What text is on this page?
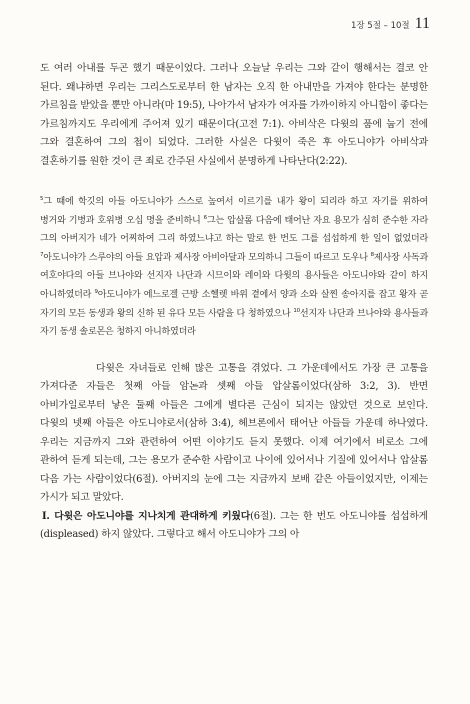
1장 5절 – 10절 11

도 여러 아내를 두곤 했기 때문이었다. 그러나 오늘날 우리는 그와 같이 행해서는 결코 안 된다. 왜냐하면 우리는 그리스도로부터 한 남자는 오직 한 아내만을 가져야 한다는 분명한 가르침을 받았을 뿐만 아니라(마 19:5), 나아가서 남자가 여자를 가까이하지 아니함이 좋다는 가르침까지도 우리에게 주어져 있기 때문이다(고전 7:1). 아비삭은 다윗의 품에 눕기 전에 그와 결혼하여 그의 첩이 되었다. 그러한 사실은 다윗이 죽은 후 아도니야가 아비삭과 결혼하기를 원한 것이 큰 죄로 간주된 사실에서 분명하게 나타난다(2:22).

$^5$그 때에 학깃의 아들 아도니야가 스스로 높여서 이르기를 내가 왕이 되리라 하고 자기를 위하여 병거와 기병과 호위병 오십 명을 준비하니 $^6$그는 압살롬 다음에 태어난 자요 용모가 심히 준수한 자라 그의 아버지가 네가 어찌하여 그리 하였느냐고 하는 말로 한 번도 그를 섭섭하게 한 일이 없었더라 $^7$아도니야가 스루야의 아들 요압과 제사장 아비아달과 모의하니 그들이 따르고 도우나 $^8$제사장 사독과 여호야다의 아들 브나야와 선지자 나단과 시므이와 레이와 다윗의 용사들은 아도니야와 같이 하지 아니하였더라 $^9$아도니야가 에느로겔 근방 소헬렛 바위 곁에서 양과 소와 살찐 송아지를 잡고 왕자 곧 자기의 모든 동생과 왕의 신하 된 유다 모든 사람을 다 청하였으나 $^{10}$선지자 나단과 브나야와 용사들과 자기 동생 솔로몬은 청하지 아니하였더라

다윗은 자녀들로 인해 많은 고통을 겪었다. 그 가운데에서도 가장 큰 고통을 가져다준 자들은 첫째 아들 암논과 셋째 아들 압살롬이었다(삼하 3:2, 3). 반면 아비가일로부터 낳은 둘째 아들은 그에게 별다른 근심이 되지는 않았던 것으로 보인다. 다윗의 넷째 아들은 아도니야로서(삼하 3:4), 헤브론에서 태어난 아들들 가운데 하나였다. 우리는 지금까지 그와 관련하여 어떤 이야기도 듣지 못했다. 이제 여기에서 비로소 그에 관하여 듣게 되는데, 그는 용모가 준수한 사람이고 나이에 있어서나 기질에 있어서나 압살롬 다음 가는 사람이었다(6절). 아버지의 눈에 그는 지금까지 보배 같은 아들이었지만, 이제는 가시가 되고 말았다.

I. 다윗은 아도니야를 지나치게 관대하게 키웠다(6절). 그는 한 번도 아도니야를 섭섭하게(displeased) 하지 않았다. 그렇다고 해서 아도니야가 그의 아
